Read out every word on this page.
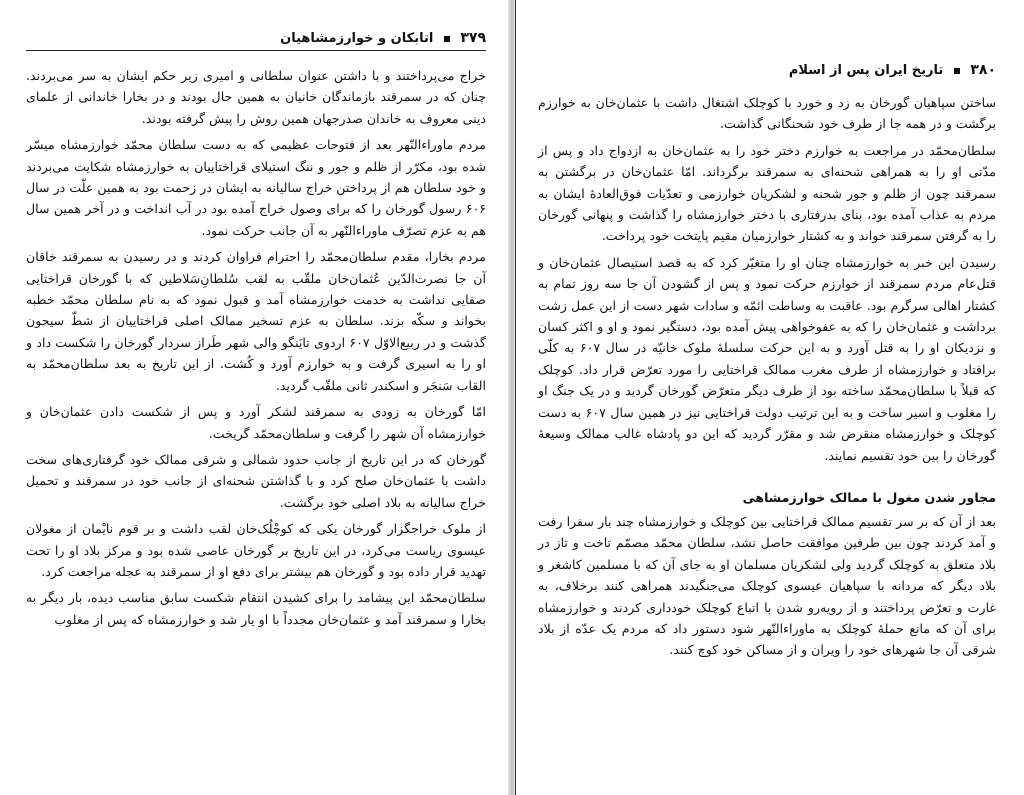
۳۷۹  اتابکان و خوارزمشاهیان

خراج می‌پرداختند و با داشتن عنوان سلطانی و امیری زیر حکم ایشان به سر می‌بردند. چنان که در سمرقند بازماندگان خانیان به همین حال بودند و در بخارا خاندانی از علمای دینی معروف به خاندان صدرجهان همین روش را پیش گرفته بودند.

مردم ماوراءالنّهر بعد از فتوحات عظیمی که به دست سلطان محمّد خوارزمشاه میسّر شده بود، مکرّر از ظلم و جور و ننگ استیلای قراختاییان به خوارزمشاه شکایت می‌بردند و خود سلطان هم از پرداختن خراج سالیانه به ایشان در زحمت بود به همین علّت در سال ۶۰۶ رسول گورخان را که برای وصول خراج آمده بود در آب انداخت و در آخر همین سال هم به عزم تصرّف ماوراءالنّهر به آن جانب حرکت نمود.

مردم بخارا، مقدم سلطان‌محمّد را احترام فراوان کردند و در رسیدن به سمرقند خاقان آن جا نصرت‌الدّین عُثمان‌خان ملقّب به لقب سُلطانِ‌سَلاطین که با گورخان قراختایی صفایی نداشت به خدمت خوارزمشاه آمد و قبول نمود که به نام سلطان محمّد خطبه بخواند و سکّه بزند. سلطان به عزم تسخیر ممالک اصلی قراختاییان از شطّ سیحون گذشت و در ربیع‌الاوّل ۶۰۷ اردوی تایَنگو والی شهر طَراز سردار گورخان را شکست داد و او را به اسیری گرفت و به خوارزم آورد و کُشت. از این تاریخ به بعد سلطان‌محمّد به القاب سَنجَر و اسکندر ثانی ملقّب گردید.

امّا گورخان به زودی به سمرقند لشکر آورد و پس از شکست دادن عثمان‌خان و خوارزمشاه آن شهر را گرفت و سلطان‌محمّد گریخت.

گورخان که در این تاریخ از جانب حدود شمالی و شرقی ممالک خود گرفتاری‌های سخت داشت با عثمان‌خان صلح کرد و با گذاشتن شحنه‌ای از جانب خود در سمرقند و تحمیل خراج سالیانه به بلاد اصلی خود برگشت.

از ملوک خراجگزار گورخان یکی که کوچْلُک‌خان لقب داشت و بر قوم نایْمان از مغولان عیسوی ریاست می‌کرد، در این تاریخ بر گورخان عاصی شده بود و مرکز بلاد او را تحت تهدید قرار داده بود و گورخان هم بیشتر برای دفع او از سمرقند به عجله مراجعت کرد.

سلطان‌محمّد این پیشامد را برای کشیدن انتقام شکست سابق مناسب دیده، بار دیگر به بخارا و سمرقند آمد و عثمان‌خان مجدداً با او یار شد و خوارزمشاه که پس از مغلوب

۳۸۰  تاریخ ایران پس از اسلام

ساختن سپاهیان گورخان به زد و خورد با کوچلک اشتغال داشت با عثمان‌خان به خوارزم برگشت و در همه جا از طرف خود شحنگانی گذاشت.

سلطان‌محمّد در مراجعت به خوارزم دختر خود را به عثمان‌خان به ازدواج داد و پس از مدّتی او را به همراهی شحنه‌ای به سمرقند برگرداند. امّا عثمان‌خان در برگشتن به سمرقند چون از ظلم و جور شحنه و لشکریان خوارزمی و تعدّیات فوق‌العادهٔ ایشان به مردم به عذاب آمده بود، بنای بدرفتاری با دختر خوارزمشاه را گذاشت و پنهانی گورخان را به گرفتن سمرقند خواند و به کشتار خوارزمیان مقیم پایتخت خود پرداخت.

رسیدن این خبر به خوارزمشاه چنان او را متغیّر کرد که به قصد استیصال عثمان‌خان و قتل‌عام مردم سمرقند از خوارزم حرکت نمود و پس از گشودن آن جا سه روز تمام به کشتار اهالی سرگرم بود. عاقبت به وساطت ائمّه و سادات شهر دست از این عمل زشت برداشت و عثمان‌خان را که به عفوخواهی پیش آمده بود، دستگیر نمود و او و اکثر کسان و نزدیکان او را به قتل آورد و به این حرکت سلسلهٔ ملوک خانیّه در سال ۶۰۷ به کلّی برافتاد و خوارزمشاه از طرف مغرب ممالک قراختایی را مورد تعرّض قرار داد. کوچلک که قبلاً با سلطان‌محمّد ساخته بود از طرف دیگر متعرّض گورخان گردید و در یک جنگ او را مغلوب و اسیر ساخت و به این ترتیب دولت قراختایی نیز در همین سال ۶۰۷ به دست کوچلک و خوارزمشاه منقرض شد و مقرّر گردید که این دو پادشاه غالب ممالک وسیعهٔ گورخان را بین خود تقسیم نمایند.

مجاور شدن مغول با ممالک خوارزمشاهی

بعد از آن که بر سر تقسیم ممالک قراختایی بین کوچلک و خوارزمشاه چند بار سفرا رفت و آمد کردند چون بین طرفین موافقت حاصل نشد، سلطان محمّد مصمّم تاخت و تاز در بلاد متعلق به کوچلک گردید ولی لشکریان مسلمان او به جای آن که با مسلمین کاشغر و بلاد دیگر که مردانه با سپاهیان عیسوی کوچلک می‌جنگیدند همراهی کنند برخلاف، به غارت و تعرّض پرداختند و از رویه‌رو شدن با اتباع کوچلک خودداری کردند و خوارزمشاه برای آن که مانع حملهٔ کوچلک به ماوراءالنّهر شود دستور داد که مردم یک عدّه از بلاد شرقی آن جا شهرهای خود را ویران و از مساکن خود کوچ کنند.
